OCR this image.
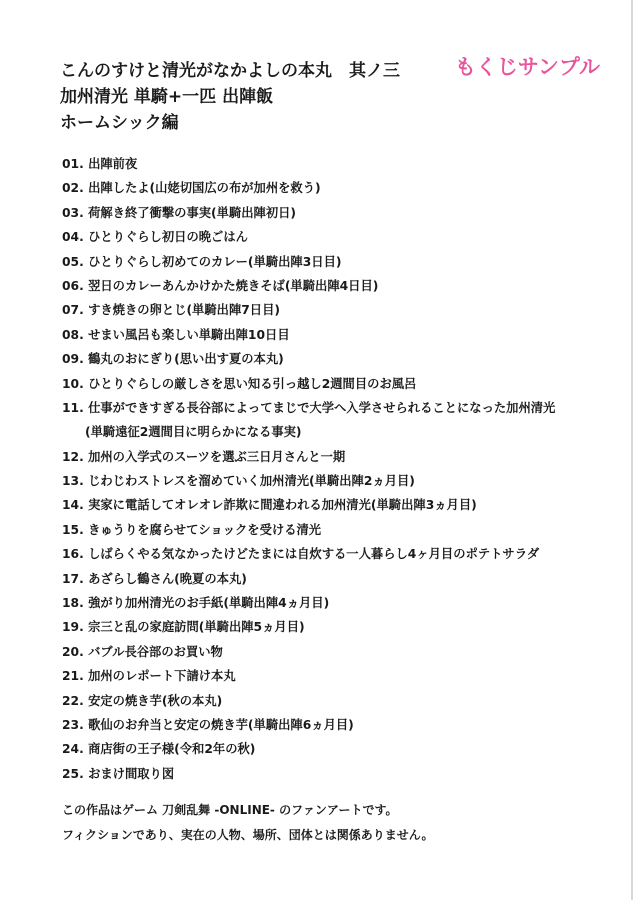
こんのすけと清光がなかよしの本丸　其ノ三	もくじサンプル

加州清光 単騎+一匹 出陣飯

ホームシック編

01. 出陣前夜
02. 出陣したよ(山姥切国広の布が加州を救う)
03. 荷解き終了衝撃の事実(単騎出陣初日)
04. ひとりぐらし初日の晩ごはん
05. ひとりぐらし初めてのカレー(単騎出陣3日目)
06. 翌日のカレーあんかけかた焼きそば(単騎出陣4日目)
07. すき焼きの卵とじ(単騎出陣7日目)
08. せまい風呂も楽しい単騎出陣10日目
09. 鶴丸のおにぎり(思い出す夏の本丸)
10. ひとりぐらしの厳しさを思い知る引っ越し2週間目のお風呂
11. 仕事ができすぎる長谷部によってまじで大学へ入学させられることになった加州清光
(単騎遠征2週間目に明らかになる事実)
12. 加州の入学式のスーツを選ぶ三日月さんと一期
13. じわじわストレスを溜めていく加州清光(単騎出陣2ヵ月目)
14. 実家に電話してオレオレ詐欺に間違われる加州清光(単騎出陣3ヵ月目)
15. きゅうりを腐らせてショックを受ける清光
16. しばらくやる気なかったけどたまには自炊する一人暮らし4ヶ月目のポテトサラダ
17. あざらし鶴さん(晩夏の本丸)
18. 強がり加州清光のお手紙(単騎出陣4ヵ月目)
19. 宗三と乱の家庭訪問(単騎出陣5ヵ月目)
20. バブル長谷部のお買い物
21. 加州のレポート下請け本丸
22. 安定の焼き芋(秋の本丸)
23. 歌仙のお弁当と安定の焼き芋(単騎出陣6ヵ月目)
24. 商店街の王子様(令和2年の秋)
25. おまけ間取り図

この作品はゲーム 刀剣乱舞 -ONLINE- のファンアートです。

フィクションであり、実在の人物、場所、団体とは関係ありません。
